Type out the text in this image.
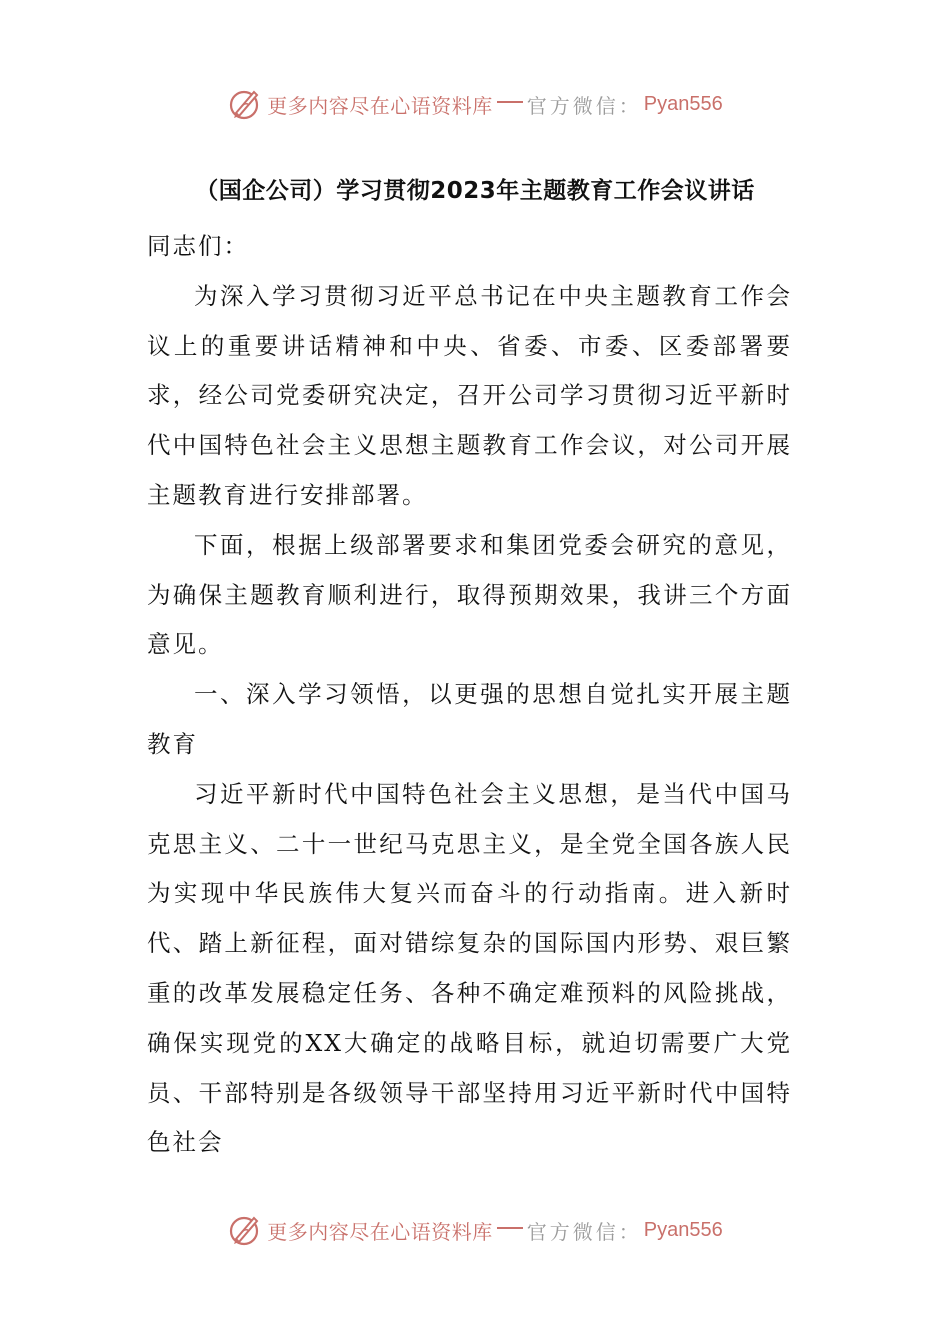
更多内容尽在心语资料库 官方微信： Pyan556
（国企公司）学习贯彻2023年主题教育工作会议讲话

同志们：

为深入学习贯彻习近平总书记在中央主题教育工作会议上的重要讲话精神和中央、省委、市委、区委部署要求，经公司党委研究决定，召开公司学习贯彻习近平新时代中国特色社会主义思想主题教育工作会议，对公司开展主题教育进行安排部署。

下面，根据上级部署要求和集团党委会研究的意见，为确保主题教育顺利进行，取得预期效果，我讲三个方面意见。

一、深入学习领悟，以更强的思想自觉扎实开展主题教育

习近平新时代中国特色社会主义思想，是当代中国马克思主义、二十一世纪马克思主义，是全党全国各族人民为实现中华民族伟大复兴而奋斗的行动指南。进入新时代、踏上新征程，面对错综复杂的国际国内形势、艰巨繁重的改革发展稳定任务、各种不确定难预料的风险挑战，确保实现党的XX大确定的战略目标，就迫切需要广大党员、干部特别是各级领导干部坚持用习近平新时代中国特色社会

更多内容尽在心语资料库 官方微信： Pyan556
